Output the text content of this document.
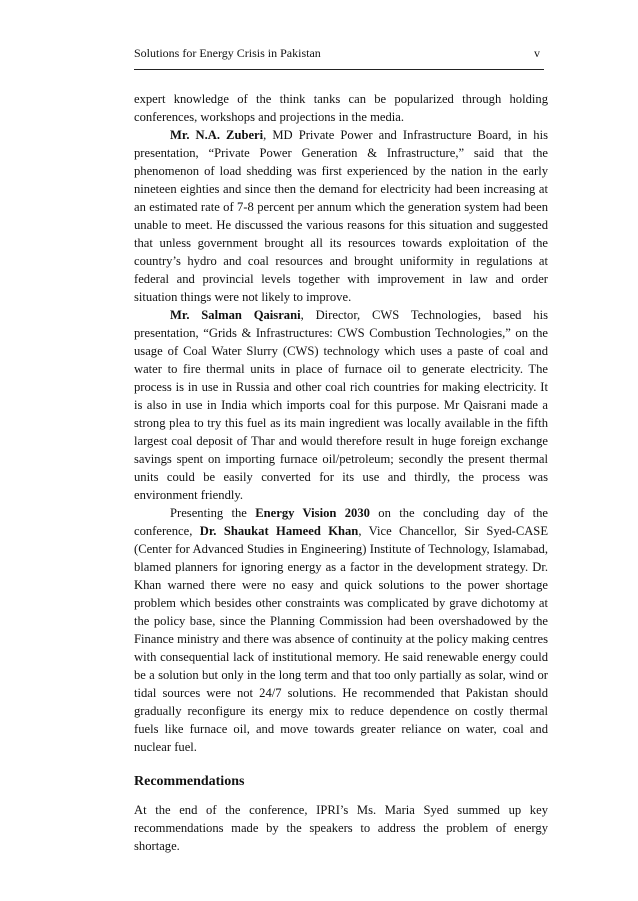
Solutions for Energy Crisis in Pakistan	v

expert knowledge of the think tanks can be popularized through holding conferences, workshops and projections in the media.

Mr. N.A. Zuberi, MD Private Power and Infrastructure Board, in his presentation, “Private Power Generation & Infrastructure,” said that the phenomenon of load shedding was first experienced by the nation in the early nineteen eighties and since then the demand for electricity had been increasing at an estimated rate of 7-8 percent per annum which the generation system had been unable to meet. He discussed the various reasons for this situation and suggested that unless government brought all its resources towards exploitation of the country’s hydro and coal resources and brought uniformity in regulations at federal and provincial levels together with improvement in law and order situation things were not likely to improve.

Mr. Salman Qaisrani, Director, CWS Technologies, based his presentation, “Grids & Infrastructures: CWS Combustion Technologies,” on the usage of Coal Water Slurry (CWS) technology which uses a paste of coal and water to fire thermal units in place of furnace oil to generate electricity. The process is in use in Russia and other coal rich countries for making electricity. It is also in use in India which imports coal for this purpose. Mr Qaisrani made a strong plea to try this fuel as its main ingredient was locally available in the fifth largest coal deposit of Thar and would therefore result in huge foreign exchange savings spent on importing furnace oil/petroleum; secondly the present thermal units could be easily converted for its use and thirdly, the process was environment friendly.

Presenting the Energy Vision 2030 on the concluding day of the conference, Dr. Shaukat Hameed Khan, Vice Chancellor, Sir Syed-CASE (Center for Advanced Studies in Engineering) Institute of Technology, Islamabad, blamed planners for ignoring energy as a factor in the development strategy. Dr. Khan warned there were no easy and quick solutions to the power shortage problem which besides other constraints was complicated by grave dichotomy at the policy base, since the Planning Commission had been overshadowed by the Finance ministry and there was absence of continuity at the policy making centres with consequential lack of institutional memory. He said renewable energy could be a solution but only in the long term and that too only partially as solar, wind or tidal sources were not 24/7 solutions. He recommended that Pakistan should gradually reconfigure its energy mix to reduce dependence on costly thermal fuels like furnace oil, and move towards greater reliance on water, coal and nuclear fuel.

Recommendations

At the end of the conference, IPRI’s Ms. Maria Syed summed up key recommendations made by the speakers to address the problem of energy shortage.
